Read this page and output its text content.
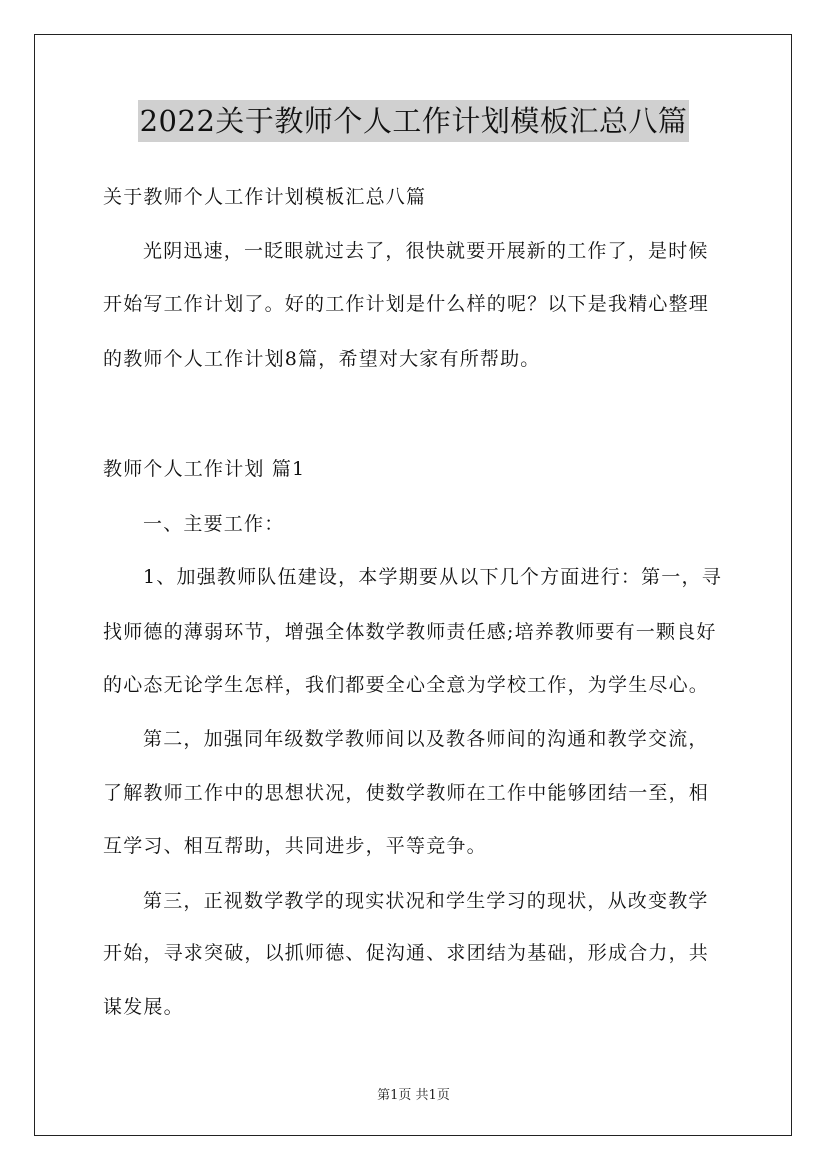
2022关于教师个人工作计划模板汇总八篇
关于教师个人工作计划模板汇总八篇
光阴迅速，一眨眼就过去了，很快就要开展新的工作了，是时候
开始写工作计划了。好的工作计划是什么样的呢？以下是我精心整理
的教师个人工作计划8篇，希望对大家有所帮助。
教师个人工作计划 篇1
一、主要工作：
1、加强教师队伍建设，本学期要从以下几个方面进行：第一，寻
找师德的薄弱环节，增强全体数学教师责任感;培养教师要有一颗良好
的心态无论学生怎样，我们都要全心全意为学校工作，为学生尽心。
第二，加强同年级数学教师间以及教各师间的沟通和教学交流，
了解教师工作中的思想状况，使数学教师在工作中能够团结一至，相
互学习、相互帮助，共同进步，平等竞争。
第三，正视数学教学的现实状况和学生学习的现状，从改变教学
开始，寻求突破，以抓师德、促沟通、求团结为基础，形成合力，共
谋发展。
第1页 共1页
